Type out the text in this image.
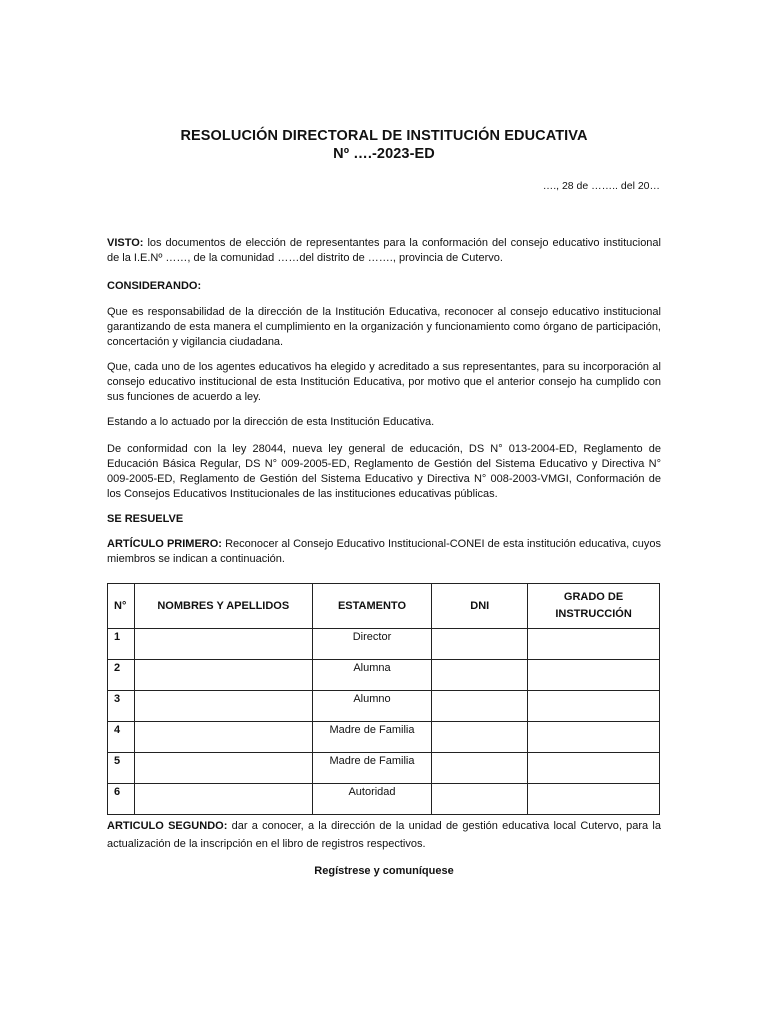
RESOLUCIÓN DIRECTORAL DE INSTITUCIÓN EDUCATIVA
Nº ….-2023-ED
…., 28 de …….. del 20…
VISTO: los documentos de elección de representantes para la conformación del consejo educativo institucional de la I.E.Nº ……, de la comunidad ……del distrito de ……., provincia de Cutervo.
CONSIDERANDO:
Que es responsabilidad de la dirección de la Institución Educativa, reconocer al consejo educativo institucional garantizando de esta manera el cumplimiento en la organización y funcionamiento como órgano de participación, concertación y vigilancia ciudadana.
Que, cada uno de los agentes educativos ha elegido y acreditado a sus representantes, para su incorporación al consejo educativo institucional de esta Institución Educativa, por motivo que el anterior consejo ha cumplido con sus funciones de acuerdo a ley.
Estando a lo actuado por la dirección de esta Institución Educativa.
De conformidad con la ley 28044, nueva ley general de educación, DS N° 013-2004-ED, Reglamento de Educación Básica Regular, DS N° 009-2005-ED, Reglamento de Gestión del Sistema Educativo y Directiva N° 009-2005-ED, Reglamento de Gestión del Sistema Educativo y Directiva N° 008-2003-VMGI, Conformación de los Consejos Educativos Institucionales de las instituciones educativas públicas.
SE RESUELVE
ARTÍCULO PRIMERO: Reconocer al Consejo Educativo Institucional-CONEI de esta institución educativa, cuyos miembros se indican a continuación.
N°	NOMBRES Y APELLIDOS	ESTAMENTO	DNI	GRADO DE
INSTRUCCIÓN

1		Director		
2		Alumna		
3		Alumno		
4		Madre de Familia		
5		Madre de Familia		
6		Autoridad		
ARTICULO SEGUNDO: dar a conocer, a la dirección de la unidad de gestión educativa local Cutervo, para la actualización de la inscripción en el libro de registros respectivos.
Regístrese y comuníquese
